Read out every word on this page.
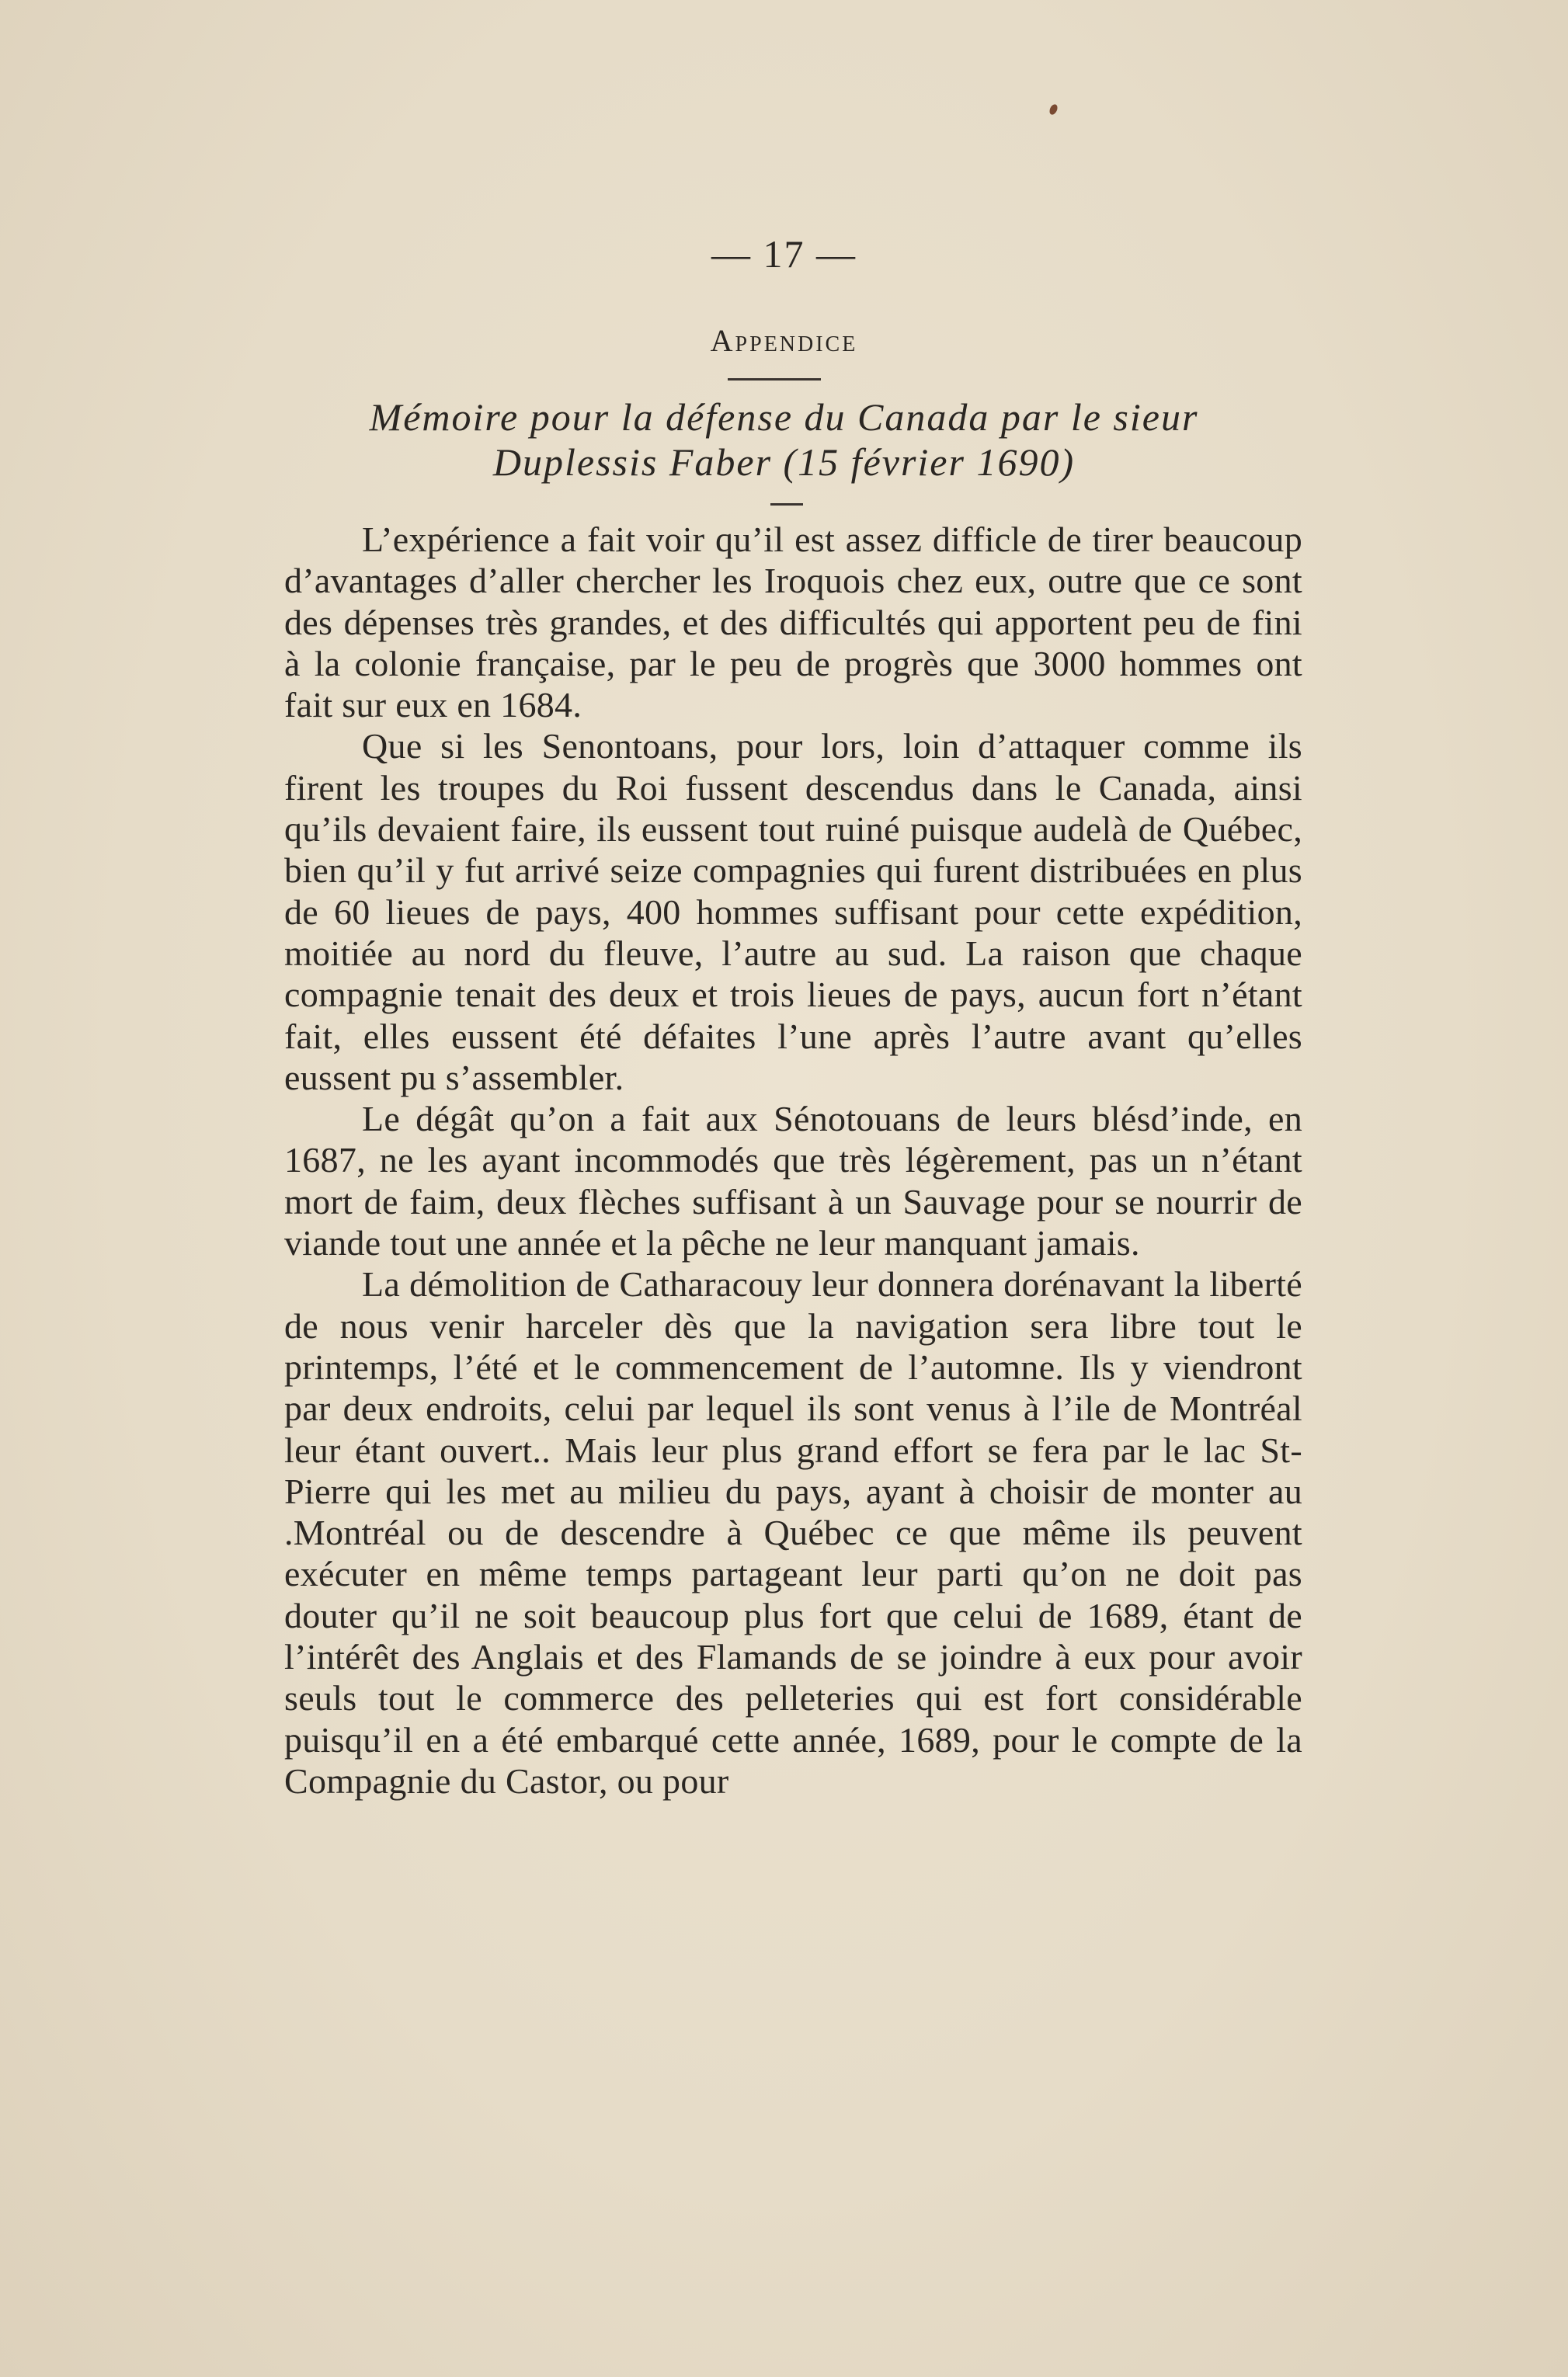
— 17 —
Appendice
Mémoire pour la défense du Canada par le sieur
Duplessis Faber (15 février 1690)

L’expérience a fait voir qu’il est assez difficle de tirer beaucoup d’avantages d’aller chercher les Iroquois chez eux, outre que ce sont des dépenses très grandes, et des difficultés qui apportent peu de fini à la colonie française, par le peu de progrès que 3000 hommes ont fait sur eux en 1684.

Que si les Senontoans, pour lors, loin d’attaquer comme ils firent les troupes du Roi fussent descendus dans le Canada, ainsi qu’ils devaient faire, ils eussent tout ruiné puisque audelà de Québec, bien qu’il y fut arrivé seize compagnies qui furent distribuées en plus de 60 lieues de pays, 400 hommes suffisant pour cette expédition, moitiée au nord du fleuve, l’autre au sud. La raison que chaque compagnie tenait des deux et trois lieues de pays, aucun fort n’étant fait, elles eussent été défaites l’une après l’autre avant qu’elles eussent pu s’assembler.

Le dégât qu’on a fait aux Sénotouans de leurs blésd’inde, en 1687, ne les ayant incommodés que très légèrement, pas un n’étant mort de faim, deux flèches suffisant à un Sauvage pour se nourrir de viande tout une année et la pêche ne leur manquant jamais.

La démolition de Catharacouy leur donnera dorénavant la liberté de nous venir harceler dès que la navigation sera libre tout le printemps, l’été et le commencement de l’automne. Ils y viendront par deux endroits, celui par lequel ils sont venus à l’ile de Montréal leur étant ouvert.. Mais leur plus grand effort se fera par le lac St-Pierre qui les met au milieu du pays, ayant à choisir de monter au .Montréal ou de descendre à Québec ce que même ils peuvent exécuter en même temps partageant leur parti qu’on ne doit pas douter qu’il ne soit beaucoup plus fort que celui de 1689, étant de l’intérêt des Anglais et des Flamands de se joindre à eux pour avoir seuls tout le commerce des pelleteries qui est fort considérable puisqu’il en a été embarqué cette année, 1689, pour le compte de la Compagnie du Castor, ou pour
